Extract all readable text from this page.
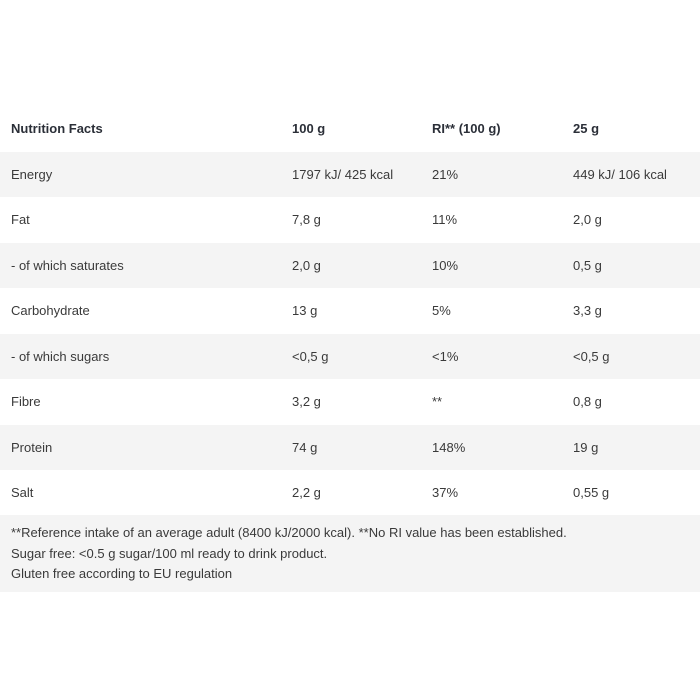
Nutrition Facts	100 g	RI** (100 g)	25 g
Energy	1797 kJ/ 425 kcal	21%	449 kJ/ 106 kcal
Fat	7,8 g	11%	2,0 g
- of which saturates	2,0 g	10%	0,5 g
Carbohydrate	13 g	5%	3,3 g
- of which sugars	<0,5 g	<1%	<0,5 g
Fibre	3,2 g	**	0,8 g
Protein	74 g	148%	19 g
Salt	2,2 g	37%	0,55 g
**Reference intake of an average adult (8400 kJ/2000 kcal). **No RI value has been established.
Sugar free: <0.5 g sugar/100 ml ready to drink product.
Gluten free according to EU regulation
